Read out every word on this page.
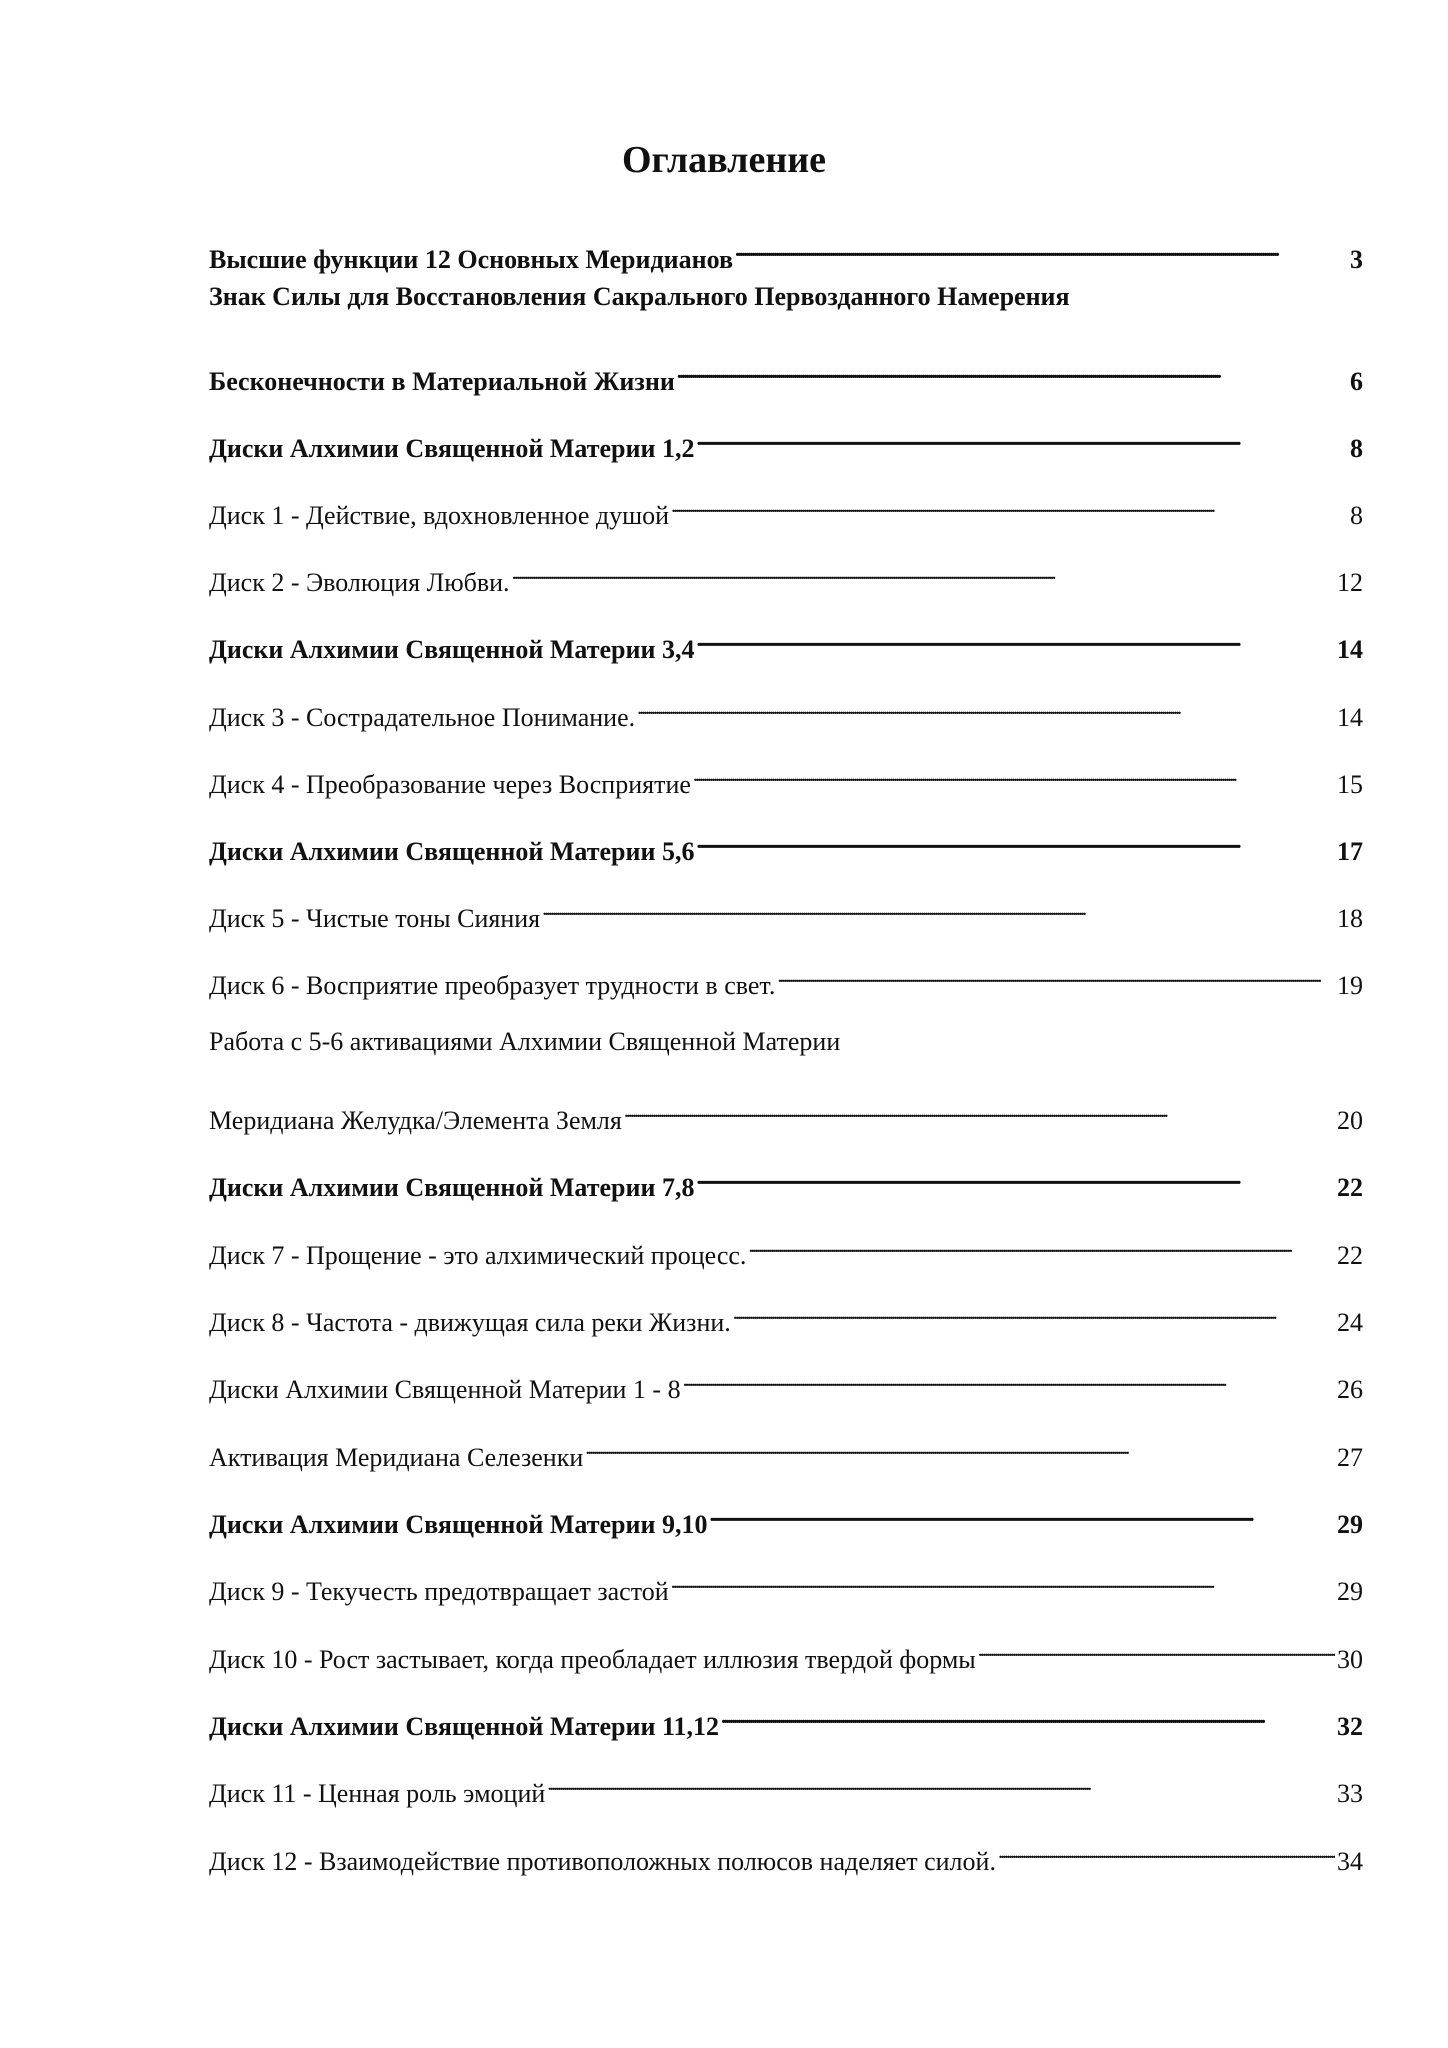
Оглавление
Высшие функции 12 Основных Меридианов . . .	3
Знак Силы для Восстановления Сакрального Первозданного Намерения
Бесконечности в Материальной Жизни . . .	6
Диски Алхимии Священной Материи 1,2 . . .	8
Диск 1 - Действие, вдохновленное душой . . .	8
Диск 2 - Эволюция Любви. . . .	12
Диски Алхимии Священной Материи 3,4 . . .	14
Диск 3 - Сострадательное Понимание. . . .	14
Диск 4 - Преобразование через Восприятие . . .	15
Диски Алхимии Священной Материи 5,6 . . .	17
Диск 5 - Чистые тоны Сияния . . .	18
Диск 6 - Восприятие преобразует трудности в свет. . . .	19
Работа с 5-6 активациями Алхимии Священной Материи
Меридиана Желудка/Элемента Земля . . .	20
Диски Алхимии Священной Материи 7,8 . . .	22
Диск 7 - Прощение - это алхимический процесс. . . .	22
Диск 8 - Частота - движущая сила реки Жизни. . . .	24
Диски Алхимии Священной Материи 1 - 8 . . .	26
Активация Меридиана Селезенки . . .	27
Диски Алхимии Священной Материи 9,10 . . .	29
Диск 9 - Текучесть предотвращает застой . . .	29
Диск 10 - Рост застывает, когда преобладает иллюзия твердой формы . . .	30
Диски Алхимии Священной Материи 11,12 . . .	32
Диск 11 - Ценная роль эмоций . . .	33
Диск 12 - Взаимодействие противоположных полюсов наделяет силой. . . .	34
